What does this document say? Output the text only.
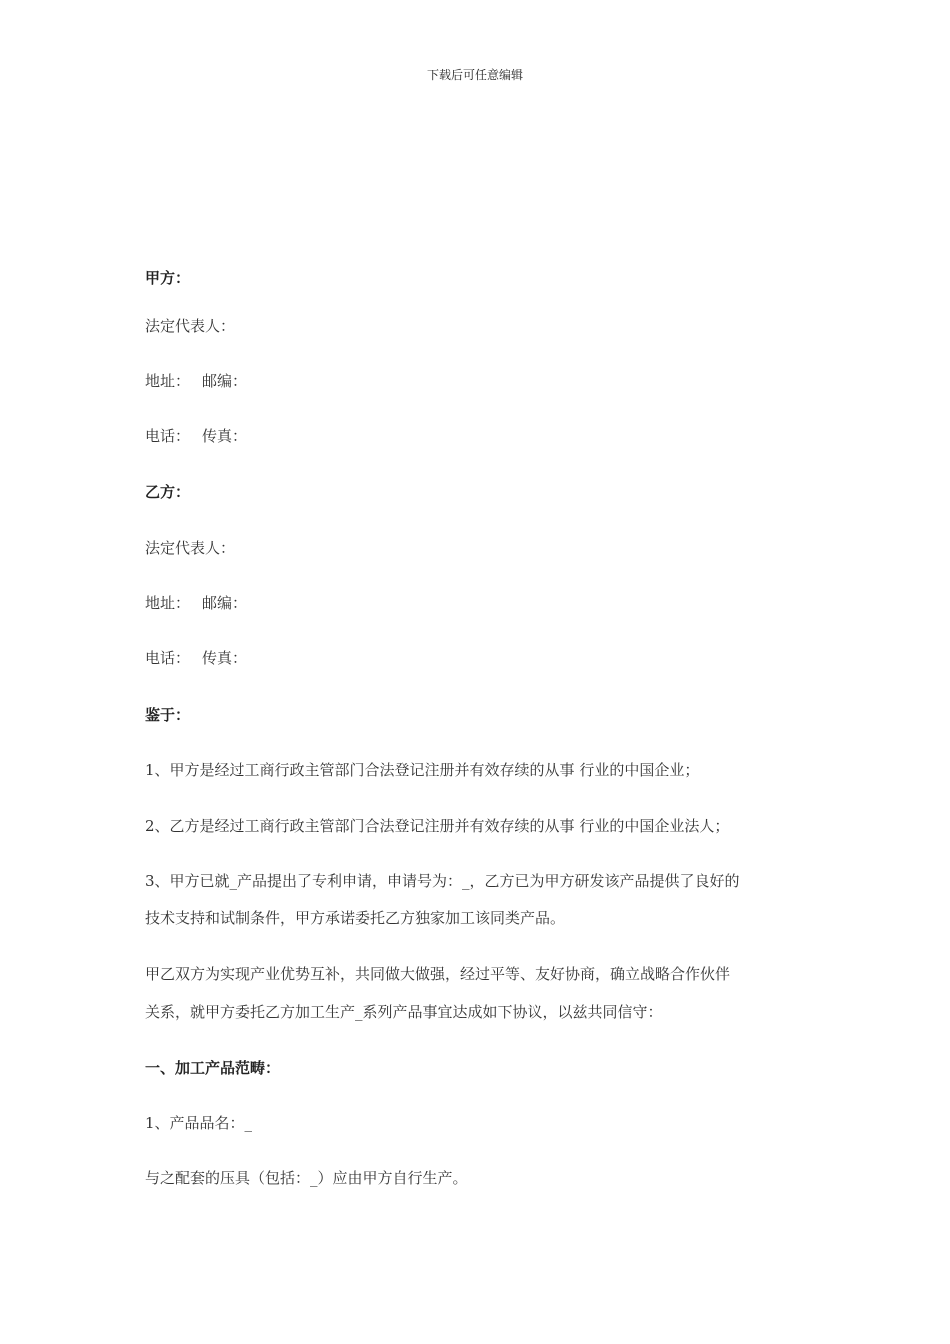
下载后可任意编辑
甲方：
法定代表人：
地址： 邮编：
电话： 传真：
乙方：
法定代表人：
地址： 邮编：
电话： 传真：
鉴于：
1、甲方是经过工商行政主管部门合法登记注册并有效存续的从事 行业的中国企业；
2、乙方是经过工商行政主管部门合法登记注册并有效存续的从事 行业的中国企业法人；
3、甲方已就_产品提出了专利申请，申请号为：_，乙方已为甲方研发该产品提供了良好的
技术支持和试制条件，甲方承诺委托乙方独家加工该同类产品。
甲乙双方为实现产业优势互补，共同做大做强，经过平等、友好协商，确立战略合作伙伴
关系，就甲方委托乙方加工生产_系列产品事宜达成如下协议，以兹共同信守：
一、加工产品范畴：
1、产品品名：_
与之配套的压具（包括：_）应由甲方自行生产。
